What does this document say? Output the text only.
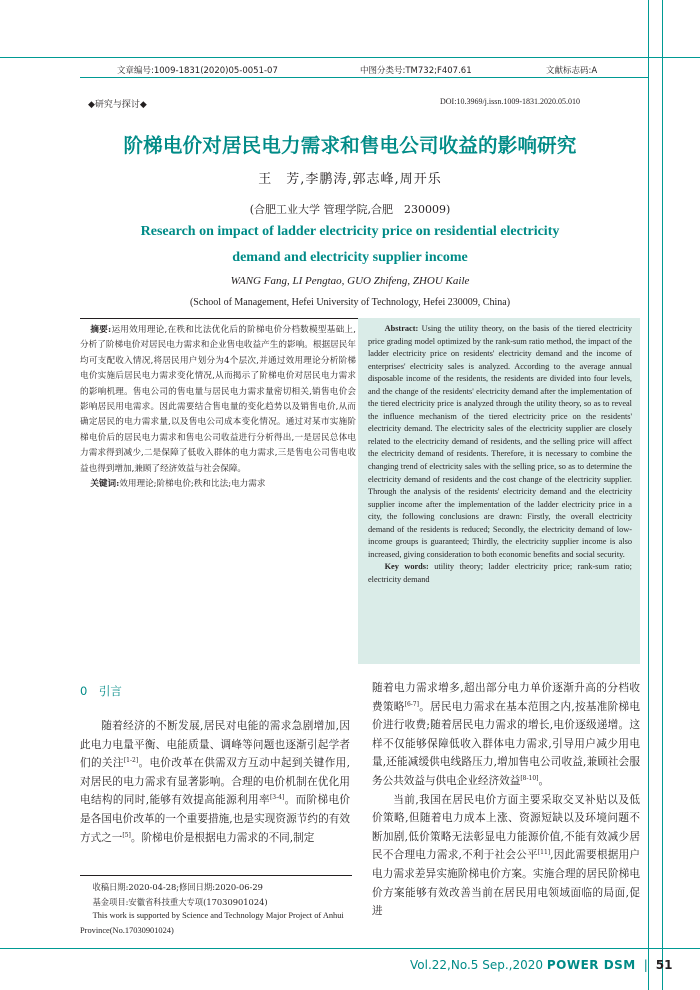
文章编号:1009-1831(2020)05-0051-07	中图分类号:TM732;F407.61	文献标志码:A
◆研究与探讨◆	DOI:10.3969/j.issn.1009-1831.2020.05.010
阶梯电价对居民电力需求和售电公司收益的影响研究
王　芳,李鹏涛,郭志峰,周开乐
(合肥工业大学 管理学院,合肥　230009)
Research on impact of ladder electricity price on residential electricity
demand and electricity supplier income
WANG Fang, LI Pengtao, GUO Zhifeng, ZHOU Kaile
(School of Management, Hefei University of Technology, Hefei 230009, China)
摘要:运用效用理论,在秩和比法优化后的阶梯电价分档数模型基础上,分析了阶梯电价对居民电力需求和企业售电收益产生的影响。根据居民年均可支配收入情况,将居民用户划分为4个层次,并通过效用理论分析阶梯电价实施后居民电力需求变化情况,从而揭示了阶梯电价对居民电力需求的影响机理。售电公司的售电量与居民电力需求量密切相关,销售电价会影响居民用电需求。因此需要结合售电量的变化趋势以及销售电价,从而确定居民的电力需求量,以及售电公司成本变化情况。通过对某市实施阶梯电价后的居民电力需求和售电公司收益进行分析得出,一是居民总体电力需求得到减少,二是保障了低收入群体的电力需求,三是售电公司售电收益也得到增加,兼顾了经济效益与社会保障。
关键词:效用理论;阶梯电价;秩和比法;电力需求
Abstract: Using the utility theory, on the basis of the tiered electricity price grading model optimized by the rank-sum ratio method, the impact of the ladder electricity price on residents' electricity demand and the income of enterprises' electricity sales is analyzed. According to the average annual disposable income of the residents, the residents are divided into four levels, and the change of the residents' electricity demand after the implementation of the tiered electricity price is analyzed through the utility theory, so as to reveal the influence mechanism of the tiered electricity price on the residents' electricity demand. The electricity sales of the electricity supplier are closely related to the electricity demand of residents, and the selling price will affect the electricity demand of residents. Therefore, it is necessary to combine the changing trend of electricity sales with the selling price, so as to determine the electricity demand of residents and the cost change of the electricity supplier. Through the analysis of the residents' electricity demand and the electricity supplier income after the implementation of the ladder electricity price in a city, the following conclusions are drawn: Firstly, the overall electricity demand of the residents is reduced; Secondly, the electricity demand of low-income groups is guaranteed; Thirdly, the electricity supplier income is also increased, giving consideration to both economic benefits and social security.
Key words: utility theory; ladder electricity price; rank-sum ratio; electricity demand
0　引言
随着经济的不断发展,居民对电能的需求急剧增加,因此电力电量平衡、电能质量、调峰等问题也逐渐引起学者们的关注[1-2]。电价改革在供需双方互动中起到关键作用,对居民的电力需求有显著影响。合理的电价机制在优化用电结构的同时,能够有效提高能源利用率[3-4]。而阶梯电价是各国电价改革的一个重要措施,也是实现资源节约的有效方式之一[5]。阶梯电价是根据电力需求的不同,制定
随着电力需求增多,超出部分电力单价逐渐升高的分档收费策略[6-7]。居民电力需求在基本范围之内,按基准阶梯电价进行收费;随着居民电力需求的增长,电价逐级递增。这样不仅能够保障低收入群体电力需求,引导用户减少用电量,还能减缓供电线路压力,增加售电公司收益,兼顾社会服务公共效益与供电企业经济效益[8-10]。
当前,我国在居民电价方面主要采取交叉补贴以及低价策略,但随着电力成本上涨、资源短缺以及环境问题不断加剧,低价策略无法彰显电力能源价值,不能有效减少居民不合理电力需求,不利于社会公平[11],因此需要根据用户电力需求差异实施阶梯电价方案。实施合理的居民阶梯电价方案能够有效改善当前在居民用电领域面临的局面,促进
收稿日期:2020-04-28;修回日期:2020-06-29
基金项目:安徽省科技重大专项(17030901024)
This work is supported by Science and Technology Major Project of Anhui Province(No.17030901024)
Vol.22,No.5 Sep.,2020 POWER DSM | 51
